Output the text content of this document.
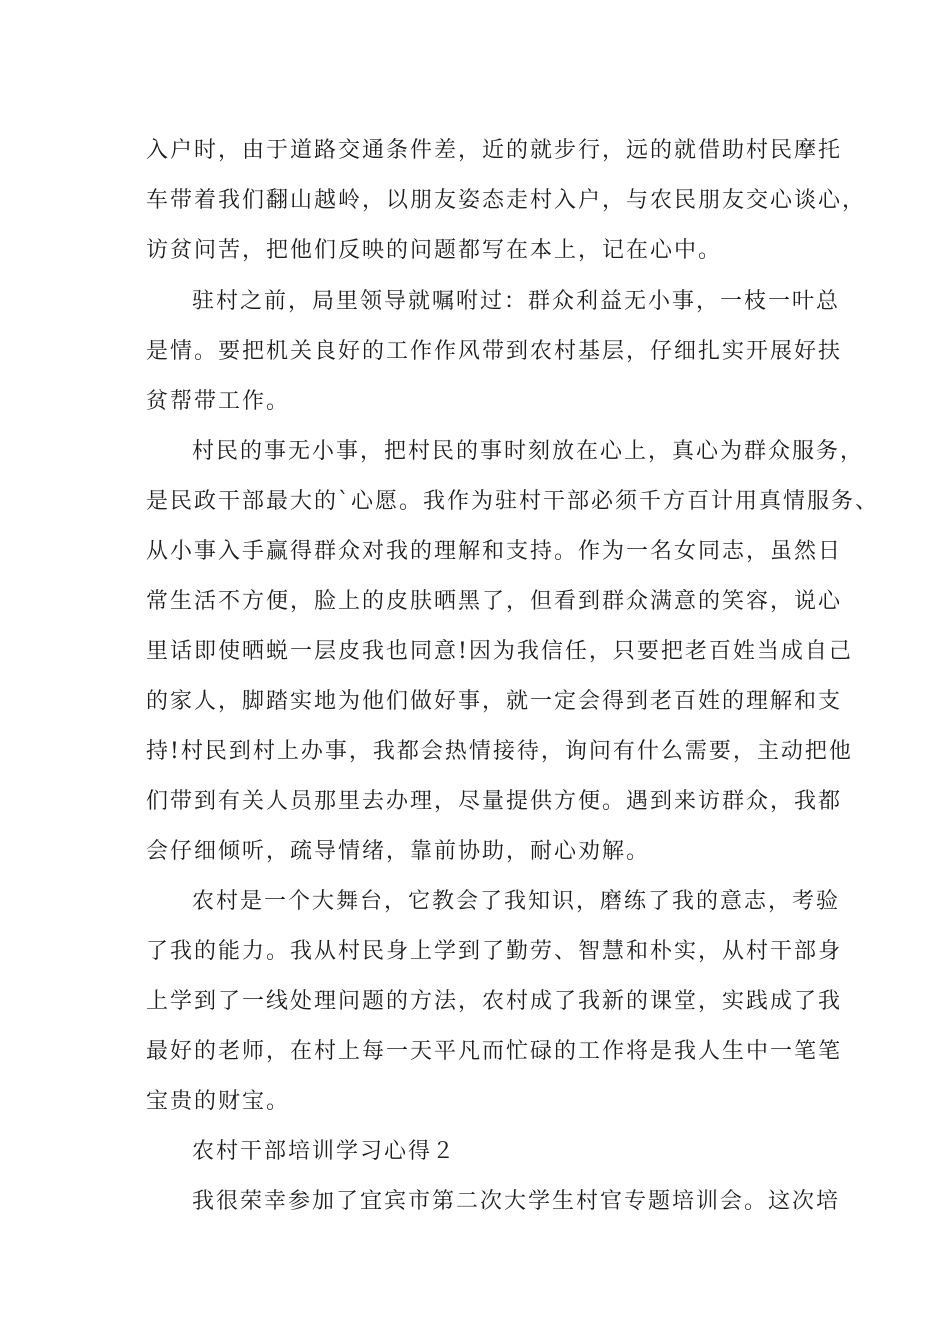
入户时，由于道路交通条件差，近的就步行，远的就借助村民摩托
车带着我们翻山越岭，以朋友姿态走村入户，与农民朋友交心谈心，
访贫问苦，把他们反映的问题都写在本上，记在心中。
驻村之前，局里领导就嘱咐过：群众利益无小事，一枝一叶总
是情。要把机关良好的工作作风带到农村基层，仔细扎实开展好扶
贫帮带工作。
村民的事无小事，把村民的事时刻放在心上，真心为群众服务，
是民政干部最大的`心愿。我作为驻村干部必须千方百计用真情服务、
从小事入手赢得群众对我的理解和支持。作为一名女同志，虽然日
常生活不方便，脸上的皮肤晒黑了，但看到群众满意的笑容，说心
里话即使晒蜕一层皮我也同意!因为我信任，只要把老百姓当成自己
的家人，脚踏实地为他们做好事，就一定会得到老百姓的理解和支
持!村民到村上办事，我都会热情接待，询问有什么需要，主动把他
们带到有关人员那里去办理，尽量提供方便。遇到来访群众，我都
会仔细倾听，疏导情绪，靠前协助，耐心劝解。
农村是一个大舞台，它教会了我知识，磨练了我的意志，考验
了我的能力。我从村民身上学到了勤劳、智慧和朴实，从村干部身
上学到了一线处理问题的方法，农村成了我新的课堂，实践成了我
最好的老师，在村上每一天平凡而忙碌的工作将是我人生中一笔笔
宝贵的财宝。
农村干部培训学习心得２
我很荣幸参加了宜宾市第二次大学生村官专题培训会。这次培
